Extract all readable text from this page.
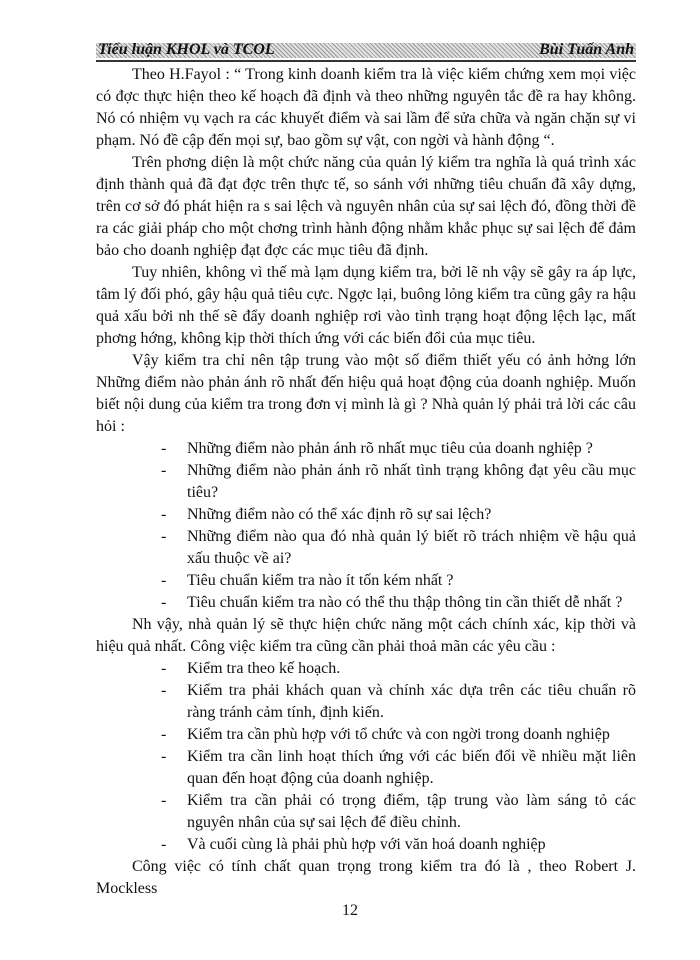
Tiểu luận KHOL và TCOL	Bùi Tuấn Anh

Theo H.Fayol : “ Trong kinh doanh kiểm tra là việc kiểm chứng xem mọi việc có đợc thực hiện theo kế hoạch đã định và theo những nguyên tắc đề ra hay không. Nó có nhiệm vụ vạch ra các khuyết điểm và sai lầm để sửa chữa và ngăn chặn sự vi phạm. Nó đề cập đến mọi sự, bao gồm sự vật, con ngời và hành động “.

Trên phơng diện là một chức năng của quản lý kiểm tra nghĩa là quá trình xác định thành quả đã đạt đợc trên thực tế, so sánh với những tiêu chuẩn đã xây dựng, trên cơ sở đó phát hiện ra s sai lệch và nguyên nhân của sự sai lệch đó, đồng thời đề ra các giải pháp cho một chơng trình hành động nhằm khắc phục sự sai lệch để đảm bảo cho doanh nghiệp đạt đợc các mục tiêu đã định.

Tuy nhiên, không vì thế mà lạm dụng kiểm tra, bởi lẽ nh vậy sẽ gây ra áp lực, tâm lý đối phó, gây hậu quả tiêu cực. Ngợc lại, buông lỏng kiểm tra cũng gây ra hậu quả xấu bởi nh thế sẽ đẩy doanh nghiệp rơi vào tình trạng hoạt động lệch lạc, mất phơng hớng, không kịp thời thích ứng với các biến đổi của mục tiêu.

Vậy kiểm tra chỉ nên tập trung vào một số điểm thiết yếu có ảnh hởng lớn Những điểm nào phản ánh rõ nhất đến hiệu quả hoạt động của doanh nghiệp. Muốn biết nội dung của kiểm tra trong đơn vị mình là gì ? Nhà quản lý phải trả lời các câu hỏi :

- Những điểm nào phản ánh rõ nhất mục tiêu của doanh nghiệp ?
- Những điểm nào phản ánh rõ nhất tình trạng không đạt yêu cầu mục tiêu?
- Những điểm nào có thể xác định rõ sự sai lệch?
- Những điểm nào qua đó nhà quản lý biết rõ trách nhiệm về hậu quả xấu thuộc về ai?
- Tiêu chuẩn kiểm tra nào ít tốn kém nhất ?
- Tiêu chuẩn kiểm tra nào có thể thu thập thông tin cần thiết dễ nhất ?

Nh vậy, nhà quản lý sẽ thực hiện chức năng một cách chính xác, kịp thời và hiệu quả nhất. Công việc kiểm tra cũng cần phải thoả mãn các yêu cầu :

- Kiểm tra theo kế hoạch.
- Kiểm tra phải khách quan và chính xác dựa trên các tiêu chuẩn rõ ràng tránh cảm tính, định kiến.
- Kiểm tra cần phù hợp với tổ chức và con ngời trong doanh nghiệp
- Kiểm tra cần linh hoạt thích ứng với các biến đổi về nhiều mặt liên quan đến hoạt động của doanh nghiệp.
- Kiểm tra cần phải có trọng điểm, tập trung vào làm sáng tỏ các nguyên nhân của sự sai lệch để điều chỉnh.
- Và cuối cùng là phải phù hợp với văn hoá doanh nghiệp

Công việc có tính chất quan trọng trong kiểm tra đó là , theo Robert J. Mockless

12
